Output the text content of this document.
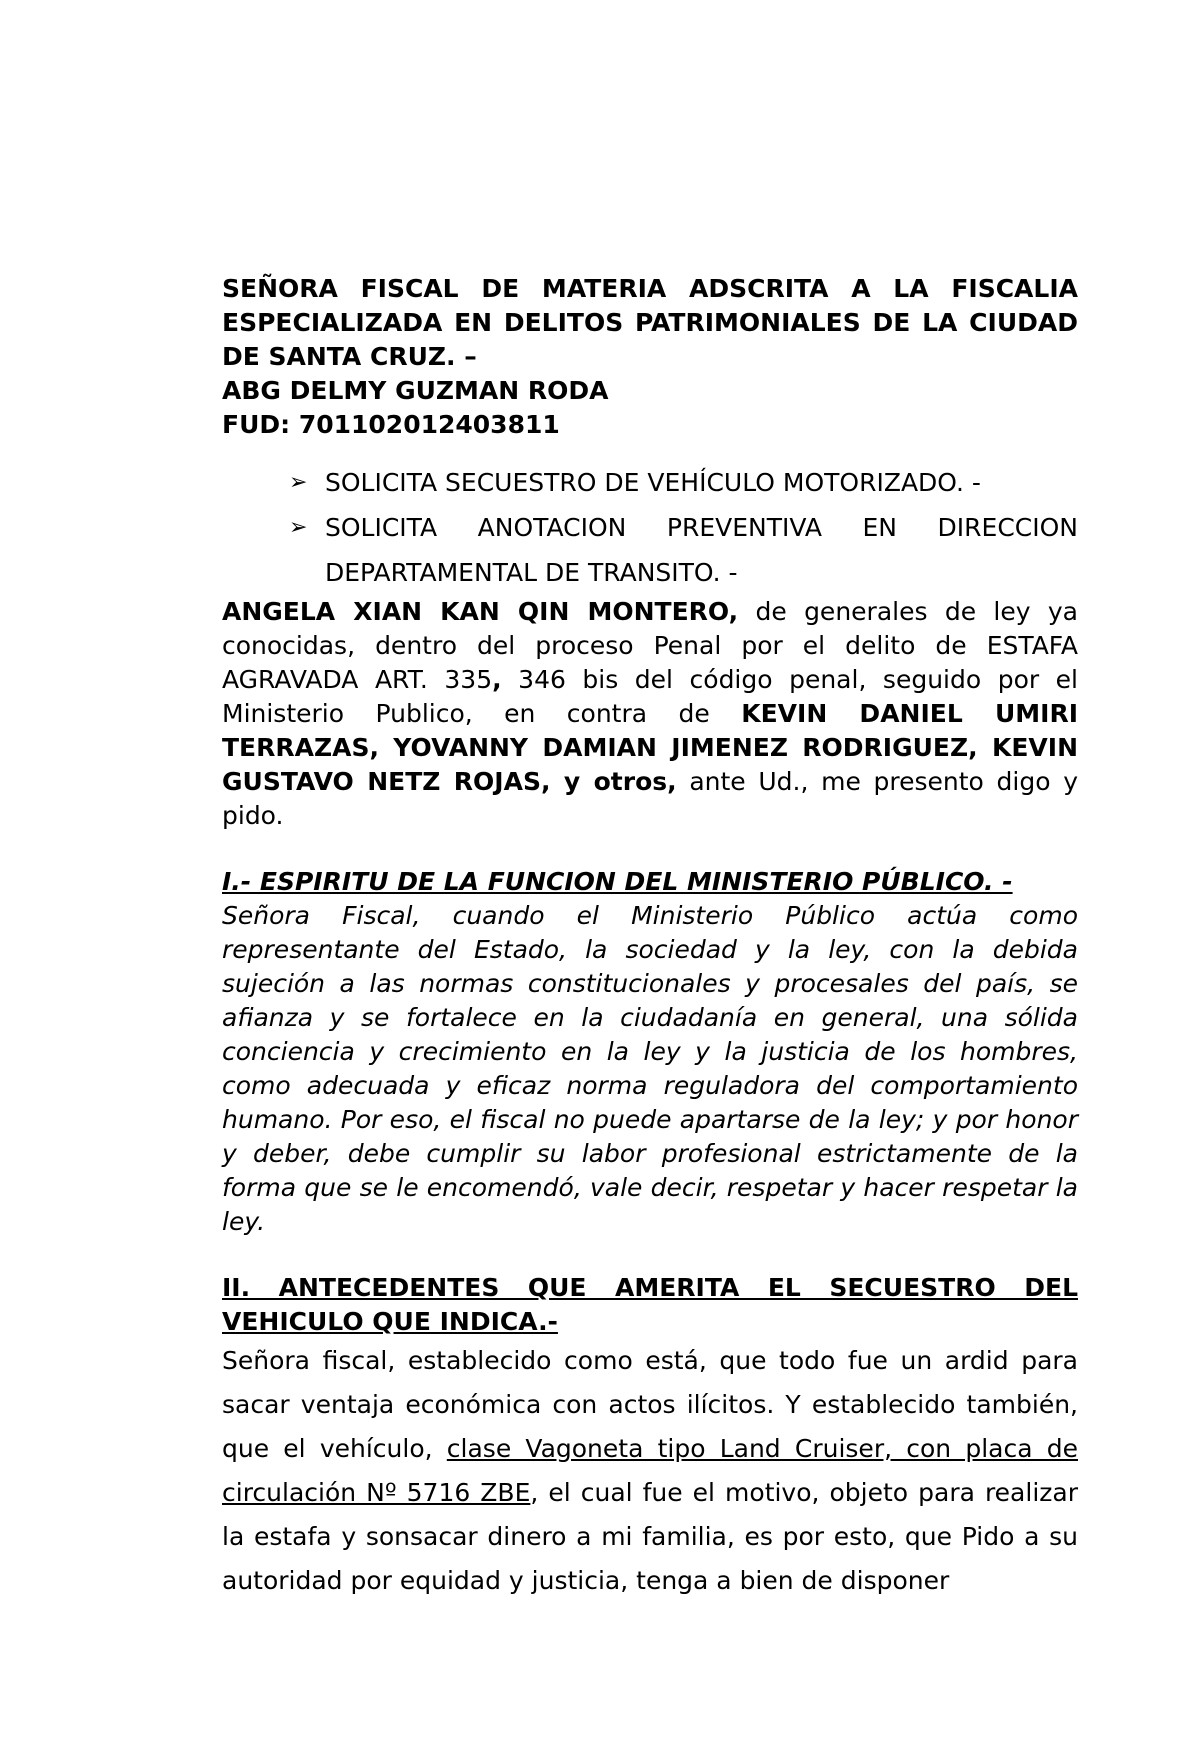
SEÑORA FISCAL DE MATERIA ADSCRITA A LA FISCALIA ESPECIALIZADA EN DELITOS PATRIMONIALES DE LA CIUDAD DE SANTA CRUZ. –
ABG DELMY GUZMAN RODA
FUD: 701102012403811
➢ SOLICITA SECUESTRO DE VEHÍCULO MOTORIZADO. -
➢ SOLICITA ANOTACION PREVENTIVA EN DIRECCION DEPARTAMENTAL DE TRANSITO. -

ANGELA XIAN KAN QIN MONTERO, de generales de ley ya conocidas, dentro del proceso Penal por el delito de ESTAFA AGRAVADA ART. 335, 346 bis del código penal, seguido por el Ministerio Publico, en contra de KEVIN DANIEL UMIRI TERRAZAS, YOVANNY DAMIAN JIMENEZ RODRIGUEZ, KEVIN GUSTAVO NETZ ROJAS, y otros, ante Ud., me presento digo y pido.

I.- ESPIRITU DE LA FUNCION DEL MINISTERIO PÚBLICO. -

Señora Fiscal, cuando el Ministerio Público actúa como representante del Estado, la sociedad y la ley, con la debida sujeción a las normas constitucionales y procesales del país, se afianza y se fortalece en la ciudadanía en general, una sólida conciencia y crecimiento en la ley y la justicia de los hombres, como adecuada y eficaz norma reguladora del comportamiento humano. Por eso, el fiscal no puede apartarse de la ley; y por honor y deber, debe cumplir su labor profesional estrictamente de la forma que se le encomendó, vale decir, respetar y hacer respetar la ley.

II. ANTECEDENTES QUE AMERITA EL SECUESTRO DEL VEHICULO QUE INDICA.-

Señora fiscal, establecido como está, que todo fue un ardid para sacar ventaja económica con actos ilícitos. Y establecido también, que el vehículo, clase Vagoneta tipo Land Cruiser, con placa de circulación Nº 5716 ZBE, el cual fue el motivo, objeto para realizar la estafa y sonsacar dinero a mi familia, es por esto, que Pido a su autoridad por equidad y justicia, tenga a bien de disponer
